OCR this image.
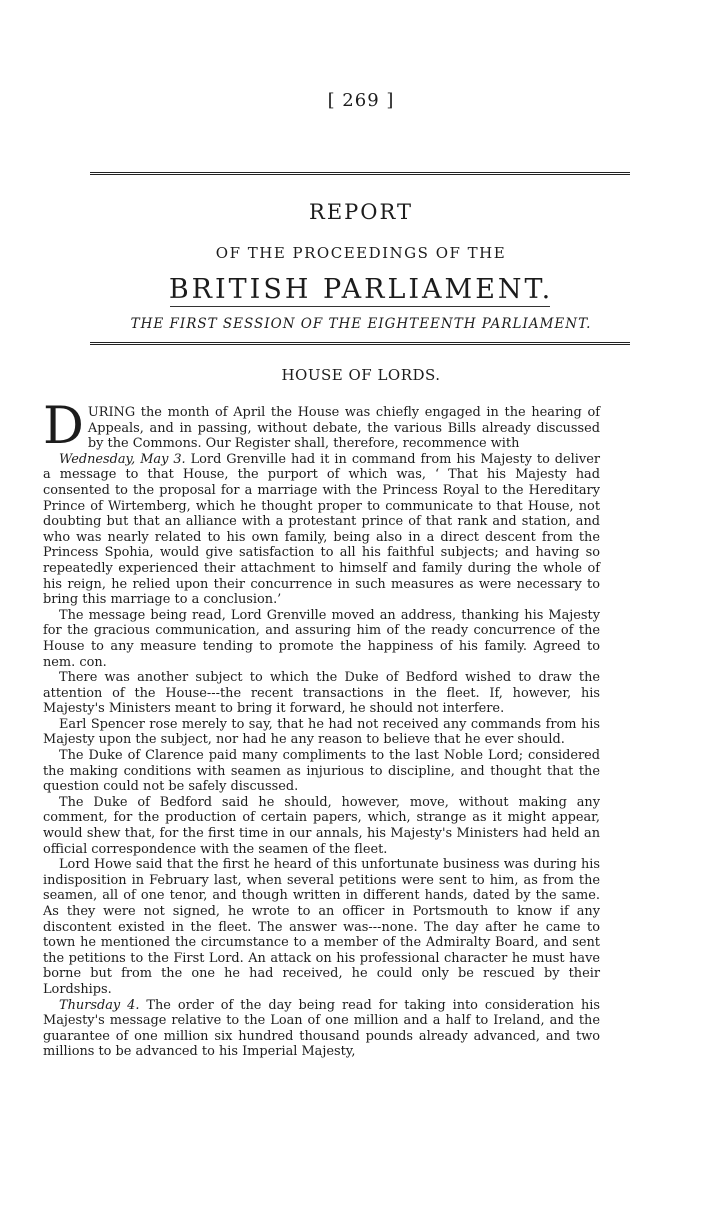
[ 269 ]
REPORT
OF THE PROCEEDINGS OF THE
BRITISH PARLIAMENT.
THE FIRST SESSION OF THE EIGHTEENTH PARLIAMENT.
HOUSE OF LORDS.

DURING the month of April the House was chiefly engaged in the hearing of Appeals, and in passing, without debate, the various Bills already discussed by the Commons. Our Register shall, therefore, recommence with

Wednesday, May 3. Lord Grenville had it in command from his Majesty to deliver a message to that House, the purport of which was, ‘ That his Majesty had consented to the proposal for a marriage with the Princess Royal to the Hereditary Prince of Wirtemberg, which he thought proper to communicate to that House, not doubting but that an alliance with a protestant prince of that rank and station, and who was nearly related to his own family, being also in a direct descent from the Princess Spohia, would give satisfaction to all his faithful subjects; and having so repeatedly experienced their attachment to himself and family during the whole of his reign, he relied upon their concurrence in such measures as were necessary to bring this marriage to a conclusion.’

The message being read, Lord Grenville moved an address, thanking his Majesty for the gracious communication, and assuring him of the ready concurrence of the House to any measure tending to promote the happiness of his family. Agreed to nem. con.

There was another subject to which the Duke of Bedford wished to draw the attention of the House---the recent transactions in the fleet. If, however, his Majesty's Ministers meant to bring it forward, he should not interfere.

Earl Spencer rose merely to say, that he had not received any commands from his Majesty upon the subject, nor had he any reason to believe that he ever should.

The Duke of Clarence paid many compliments to the last Noble Lord; considered the making conditions with seamen as injurious to discipline, and thought that the question could not be safely discussed.

The Duke of Bedford said he should, however, move, without making any comment, for the production of certain papers, which, strange as it might appear, would shew that, for the first time in our annals, his Majesty's Ministers had held an official correspondence with the seamen of the fleet.

Lord Howe said that the first he heard of this unfortunate business was during his indisposition in February last, when several petitions were sent to him, as from the seamen, all of one tenor, and though written in different hands, dated by the same. As they were not signed, he wrote to an officer in Portsmouth to know if any discontent existed in the fleet. The answer was---none. The day after he came to town he mentioned the circumstance to a member of the Admiralty Board, and sent the petitions to the First Lord. An attack on his professional character he must have borne but from the one he had received, he could only be rescued by their Lordships.

Thursday 4. The order of the day being read for taking into consideration his Majesty's message relative to the Loan of one million and a half to Ireland, and the guarantee of one million six hundred thousand pounds already advanced, and two millions to be advanced to his Imperial Majesty,
